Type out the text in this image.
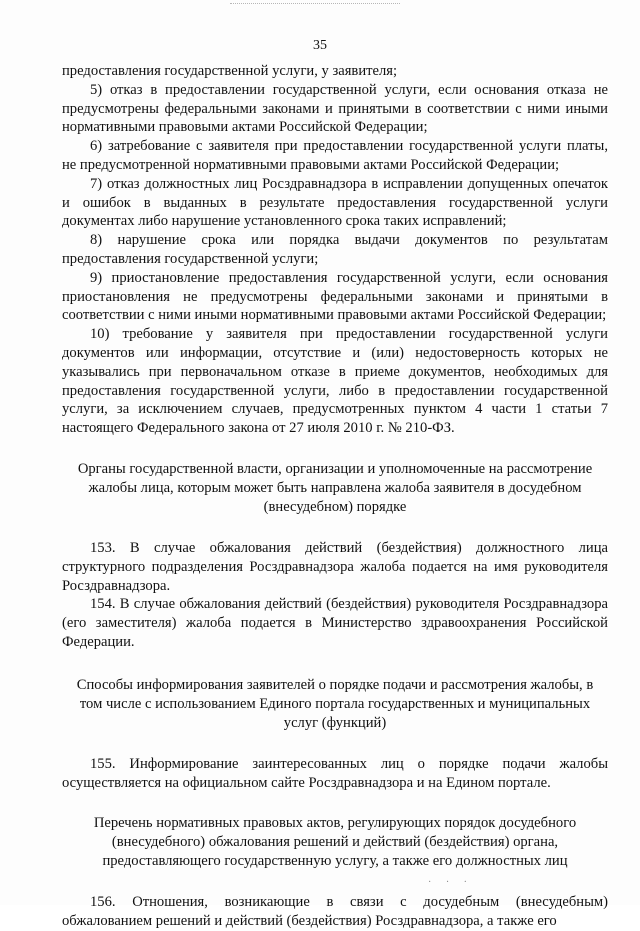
35

предоставления государственной услуги, у заявителя;

5) отказ в предоставлении государственной услуги, если основания отказа не предусмотрены федеральными законами и принятыми в соответствии с ними иными нормативными правовыми актами Российской Федерации;

6) затребование с заявителя при предоставлении государственной услуги платы, не предусмотренной нормативными правовыми актами Российской Федерации;

7) отказ должностных лиц Росздравнадзора в исправлении допущенных опечаток и ошибок в выданных в результате предоставления государственной услуги документах либо нарушение установленного срока таких исправлений;

8) нарушение срока или порядка выдачи документов по результатам предоставления государственной услуги;

9) приостановление предоставления государственной услуги, если основания приостановления не предусмотрены федеральными законами и принятыми в соответствии с ними иными нормативными правовыми актами Российской Федерации;

10) требование у заявителя при предоставлении государственной услуги документов или информации, отсутствие и (или) недостоверность которых не указывались при первоначальном отказе в приеме документов, необходимых для предоставления государственной услуги, либо в предоставлении государственной услуги, за исключением случаев, предусмотренных пунктом 4 части 1 статьи 7 настоящего Федерального закона от 27 июля 2010 г. № 210-ФЗ.

Органы государственной власти, организации и уполномоченные на рассмотрение жалобы лица, которым может быть направлена жалоба заявителя в досудебном (внесудебном) порядке

153. В случае обжалования действий (бездействия) должностного лица структурного подразделения Росздравнадзора жалоба подается на имя руководителя Росздравнадзора.

154. В случае обжалования действий (бездействия) руководителя Росздравнадзора (его заместителя) жалоба подается в Министерство здравоохранения Российской Федерации.

Способы информирования заявителей о порядке подачи и рассмотрения жалобы, в том числе с использованием Единого портала государственных и муниципальных услуг (функций)

155. Информирование заинтересованных лиц о порядке подачи жалобы осуществляется на официальном сайте Росздравнадзора и на Едином портале.

Перечень нормативных правовых актов, регулирующих порядок досудебного (внесудебного) обжалования решений и действий (бездействия) органа, предоставляющего государственную услугу, а также его должностных лиц

156. Отношения, возникающие в связи с досудебным (внесудебным) обжалованием решений и действий (бездействия) Росздравнадзора, а также его

· · ·
